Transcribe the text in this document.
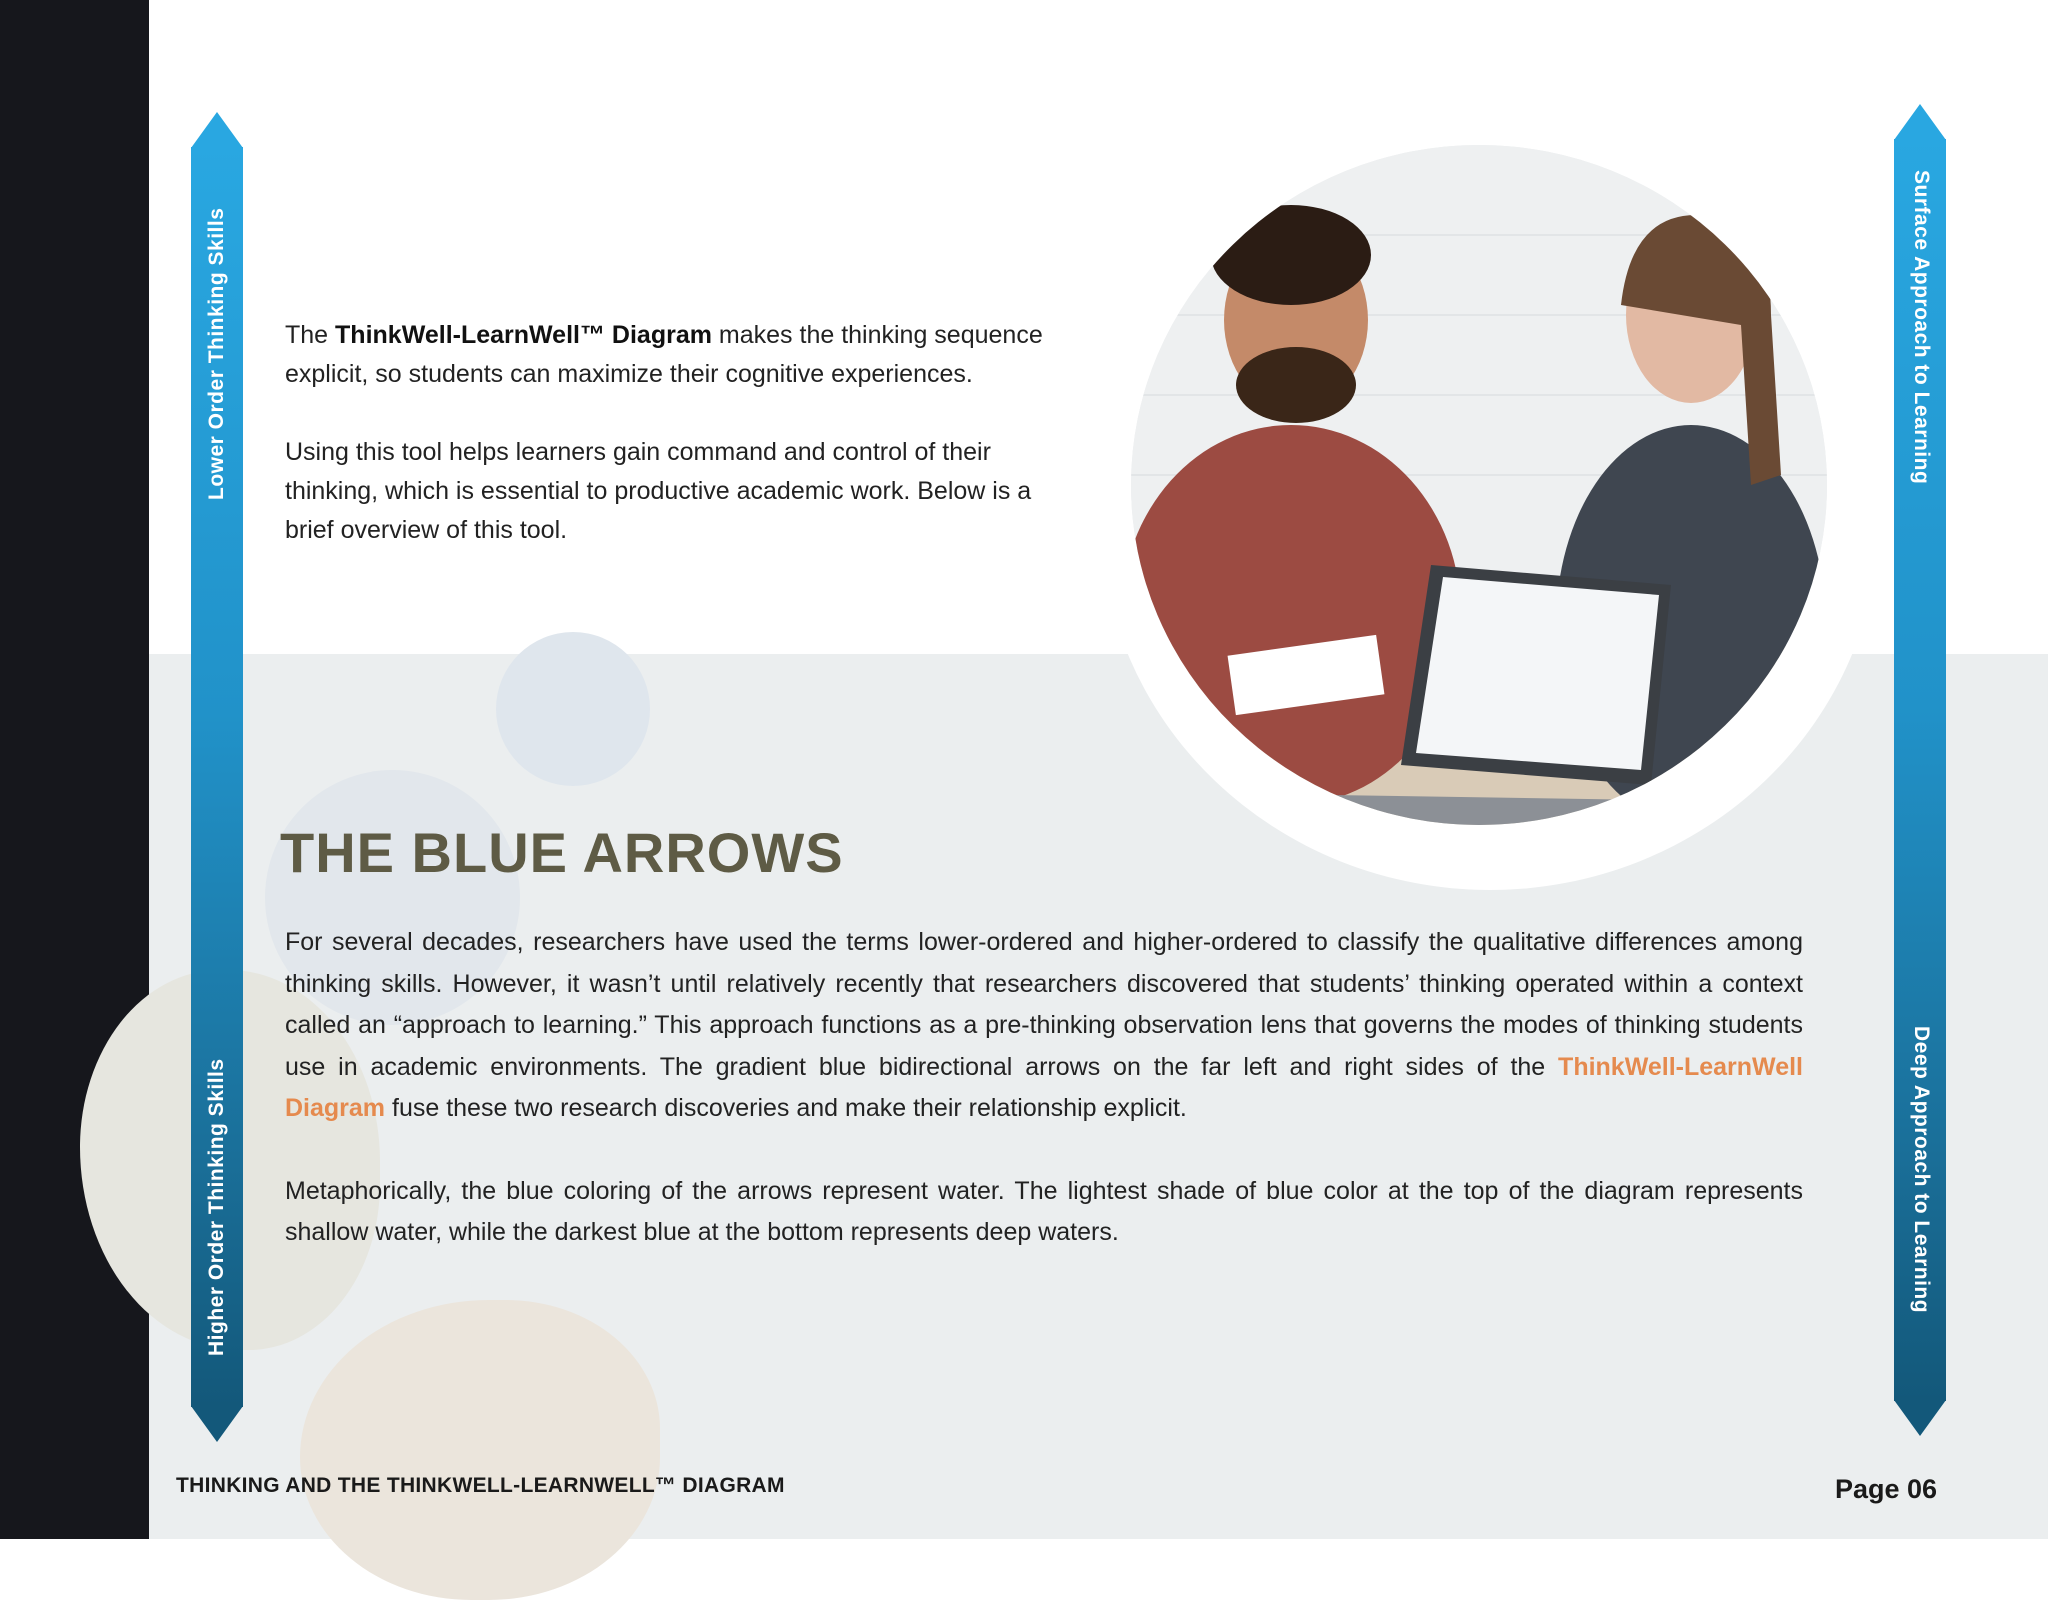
Lower Order Thinking Skills
Higher Order Thinking Skills
Surface Approach to Learning
Deep Approach to Learning

The ThinkWell-LearnWell™ Diagram makes the thinking sequence explicit, so students can maximize their cognitive experiences.

Using this tool helps learners gain command and control of their thinking, which is essential to productive academic work. Below is a brief overview of this tool.

THE BLUE ARROWS

For several decades, researchers have used the terms lower-ordered and higher-ordered to classify the qualitative differences among thinking skills. However, it wasn’t until relatively recently that researchers discovered that students’ thinking operated within a context called an “approach to learning.” This approach functions as a pre-thinking observation lens that governs the modes of thinking students use in academic environments. The gradient blue bidirectional arrows on the far left and right sides of the ThinkWell-LearnWell Diagram fuse these two research discoveries and make their relationship explicit.

Metaphorically, the blue coloring of the arrows represent water. The lightest shade of blue color at the top of the diagram represents shallow water, while the darkest blue at the bottom represents deep waters.

THINKING AND THE THINKWELL-LEARNWELL™ DIAGRAM	Page 06
